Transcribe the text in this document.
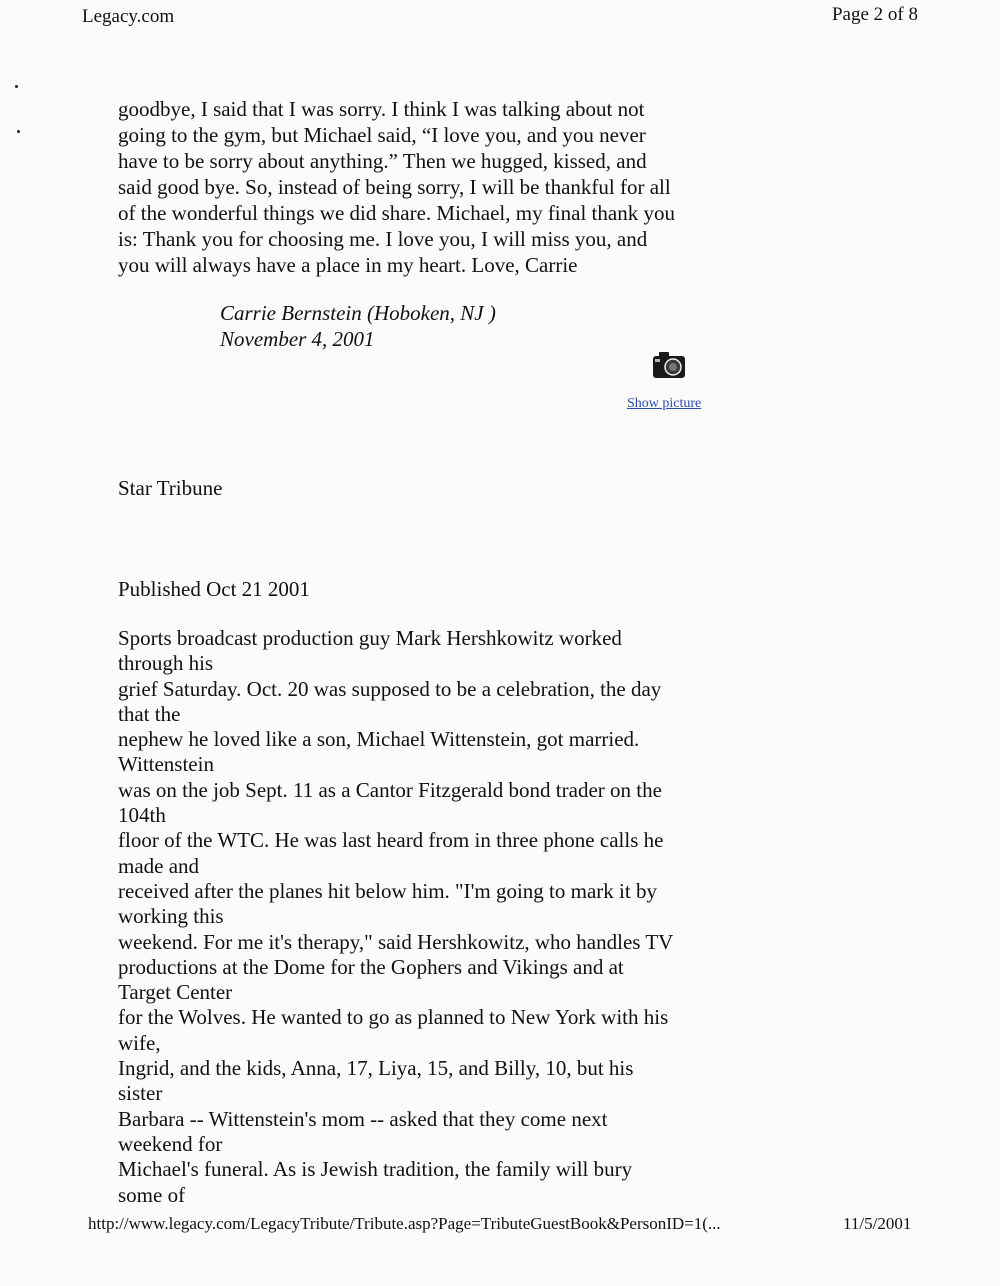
Legacy.com	Page 2 of 8

goodbye, I said that I was sorry. I think I was talking about not

going to the gym, but Michael said, “I love you, and you never

have to be sorry about anything.” Then we hugged, kissed, and

said good bye. So, instead of being sorry, I will be thankful for all

of the wonderful things we did share. Michael, my final thank you

is: Thank you for choosing me. I love you, I will miss you, and

you will always have a place in my heart. Love, Carrie

Carrie Bernstein (Hoboken, NJ )
November 4, 2001
Show picture
Star Tribune
Published Oct 21 2001

Sports broadcast production guy Mark Hershkowitz worked

through his

grief Saturday. Oct. 20 was supposed to be a celebration, the day

that the

nephew he loved like a son, Michael Wittenstein, got married.

Wittenstein

was on the job Sept. 11 as a Cantor Fitzgerald bond trader on the

104th

floor of the WTC. He was last heard from in three phone calls he

made and

received after the planes hit below him. "I'm going to mark it by

working this

weekend. For me it's therapy," said Hershkowitz, who handles TV

productions at the Dome for the Gophers and Vikings and at

Target Center

for the Wolves. He wanted to go as planned to New York with his

wife,

Ingrid, and the kids, Anna, 17, Liya, 15, and Billy, 10, but his

sister

Barbara -- Wittenstein's mom -- asked that they come next

weekend for

Michael's funeral. As is Jewish tradition, the family will bury

some of

http://www.legacy.com/LegacyTribute/Tribute.asp?Page=TributeGuestBook&PersonID=1(...	11/5/2001
